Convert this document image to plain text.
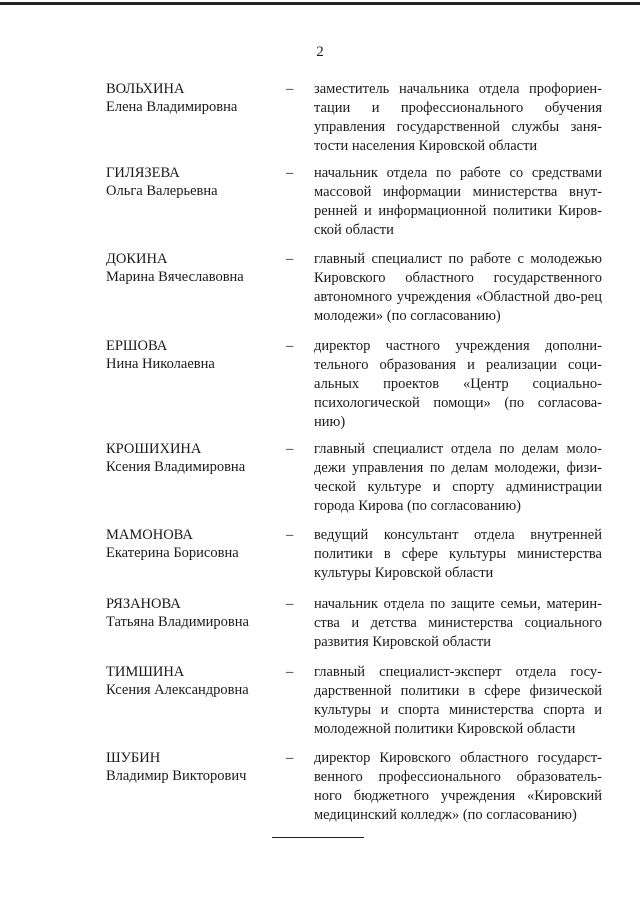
2
ВОЛЬХИНА
Елена Владимировна
– заместитель начальника отдела профориен-тации и профессионального обучения управления государственной службы заня-тости населения Кировской области
ГИЛЯЗЕВА
Ольга Валерьевна
– начальник отдела по работе со средствами массовой информации министерства внут-ренней и информационной политики Киров-ской области
ДОКИНА
Марина Вячеславовна
– главный специалист по работе с молодежью Кировского областного государственного автономного учреждения «Областной дво-рец молодежи» (по согласованию)
ЕРШОВА
Нина Николаевна
– директор частного учреждения дополни-тельного образования и реализации соци-альных проектов «Центр социально-психологической помощи» (по согласова-нию)
КРОШИХИНА
Ксения Владимировна
– главный специалист отдела по делам моло-дежи управления по делам молодежи, физи-ческой культуре и спорту администрации города Кирова (по согласованию)
МАМОНОВА
Екатерина Борисовна
– ведущий консультант отдела внутренней политики в сфере культуры министерства культуры Кировской области
РЯЗАНОВА
Татьяна Владимировна
– начальник отдела по защите семьи, материн-ства и детства министерства социального развития Кировской области
ТИМШИНА
Ксения Александровна
– главный специалист-эксперт отдела госу-дарственной политики в сфере физической культуры и спорта министерства спорта и молодежной политики Кировской области
ШУБИН
Владимир Викторович
– директор Кировского областного государст-венного профессионального образователь-ного бюджетного учреждения «Кировский медицинский колледж» (по согласованию)
